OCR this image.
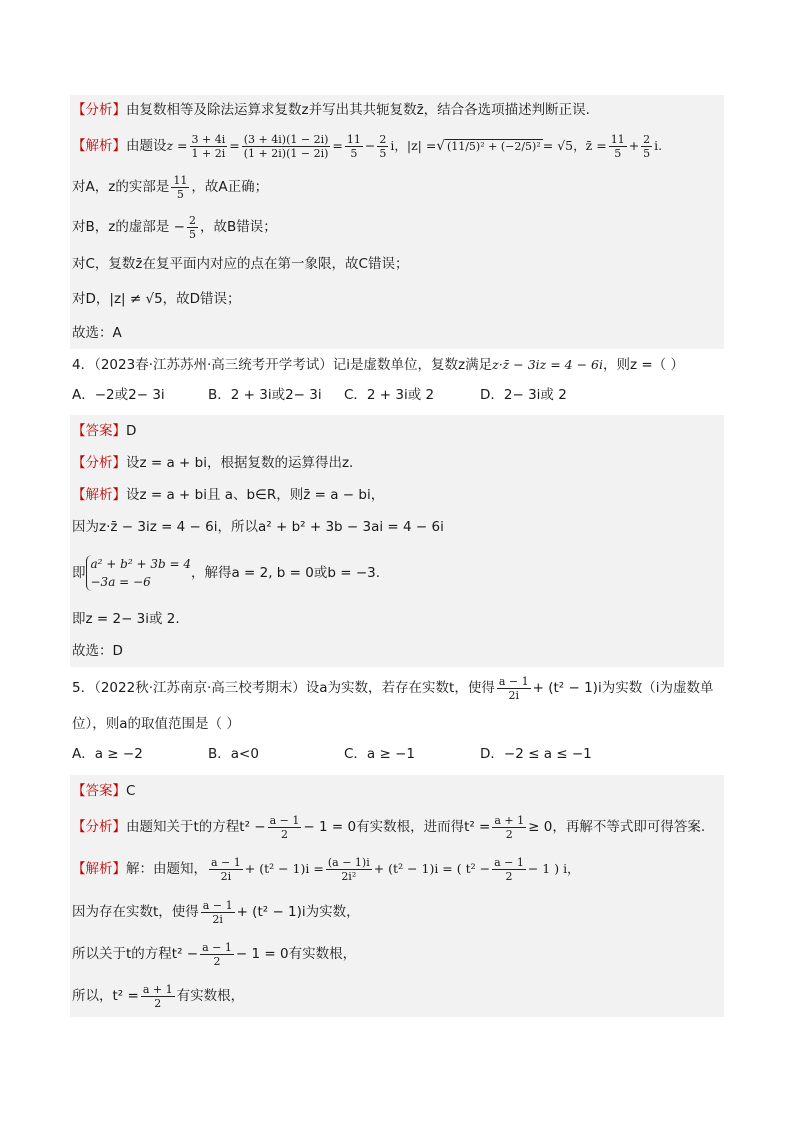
【分析】 由复数相等及除法运算求复数z并写出其共轭复数z̄，结合各选项描述判断正误.
【解析】 由题设 $z = \frac{3 + 4i}{1 + 2i} = \frac{(3 + 4i)(1 - 2i)}{(1 + 2i)(1 - 2i)} = \frac{11}{5} - \frac{2}{5}$ i ，|z| = √ (11/5)² + (−2/5)² = √5 ，z̄ = $\frac{11}{5} + \frac{2}{5} i$.
对A，z的实部是 $\frac{11}{5}$ ，故A正确；
对B，z的虚部是 − $\frac{2}{5}$ ，故B错误；
对C，复数z̄在复平面内对应的点在第一象限，故C错误；
对D，|z| ≠ √5，故D错误；
故选：A
4．（2023春·江苏苏州·高三统考开学考试）记i是虚数单位，复数z满足 z·z̄ − 3iz = 4 − 6i ，则z =（ ）
A．−2或2− 3i	B．2 + 3i或2− 3i	C．2 + 3i或 2	D．2− 3i或 2
【答案】 D
【分析】 设z = a + bi，根据复数的运算得出z.
【解析】 设z = a + bi且 a、b∈R，则z̄ = a − bi，
因为z·z̄ − 3iz = 4 − 6i，所以a² + b² + 3b − 3ai = 4 − 6i
即
a² + b² + 3b = 4
−3a = −6
，解得a = 2, b = 0或b = −3.
即z = 2− 3i或 2.
故选：D
5．（2022秋·江苏南京·高三校考期末）设a为实数，若存在实数t，使得 $\frac{a - 1}{2i} + (t^2 - 1)i$为实数（i为虚数单
位），则a的取值范围是（ ）
A．a ≥ −2	B．a<0	C．a ≥ −1	D．−2 ≤ a ≤ −1
【答案】 C
【分析】 由题知关于t的方程$t^2 - \frac{a - 1}{2} - 1 = 0$有实数根，进而得$t^2 = \frac{a + 1}{2} \ge 0$，再解不等式即可得答案.
【解析】 解：由题知， $\frac{a - 1}{2i} + (t^2 - 1)i = \frac{(a - 1)i}{\text{2i²}} + (t^2 - 1)i$ = ( $t^2 - \frac{a - 1}{2} - 1$ ) i，
因为存在实数t，使得 $\frac{a - 1}{2i} + (t^2 - 1)i$为实数，
所以关于t的方程$t^2 - \frac{a - 1}{2} - 1 = 0$有实数根，
所以，$t^2 = \frac{a + 1}{2}$ 有实数根，
